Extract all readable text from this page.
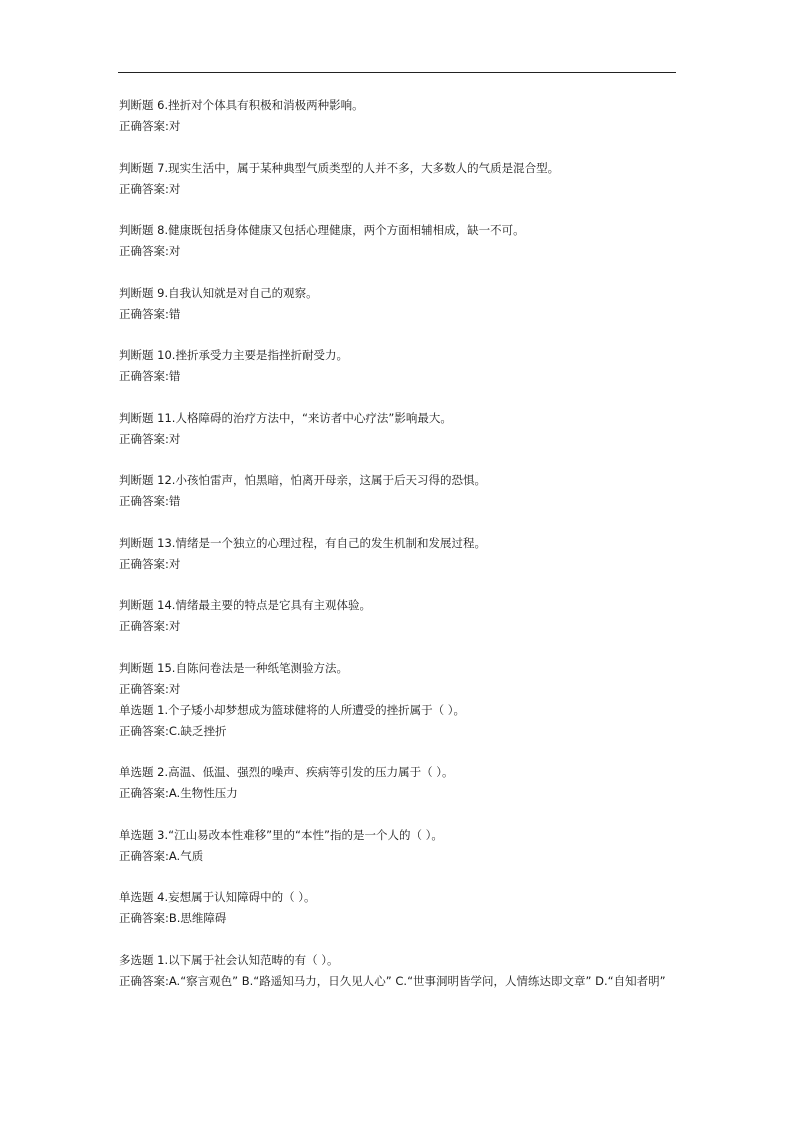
判断题 6.挫折对个体具有积极和消极两种影响。
正确答案:对
判断题 7.现实生活中，属于某种典型气质类型的人并不多，大多数人的气质是混合型。
正确答案:对
判断题 8.健康既包括身体健康又包括心理健康，两个方面相辅相成，缺一不可。
正确答案:对
判断题 9.自我认知就是对自己的观察。
正确答案:错
判断题 10.挫折承受力主要是指挫折耐受力。
正确答案:错
判断题 11.人格障碍的治疗方法中，“来访者中心疗法”影响最大。
正确答案:对
判断题 12.小孩怕雷声，怕黑暗，怕离开母亲，这属于后天习得的恐惧。
正确答案:错
判断题 13.情绪是一个独立的心理过程，有自己的发生机制和发展过程。
正确答案:对
判断题 14.情绪最主要的特点是它具有主观体验。
正确答案:对
判断题 15.自陈问卷法是一种纸笔测验方法。
正确答案:对
单选题 1.个子矮小却梦想成为篮球健将的人所遭受的挫折属于（ ）。
正确答案:C.缺乏挫折
单选题 2.高温、低温、强烈的噪声、疾病等引发的压力属于（ ）。
正确答案:A.生物性压力
单选题 3.“江山易改本性难移”里的“本性”指的是一个人的（ ）。
正确答案:A.气质
单选题 4.妄想属于认知障碍中的（ ）。
正确答案:B.思维障碍
多选题 1.以下属于社会认知范畴的有（ ）。
正确答案:A.“察言观色” B.“路遥知马力，日久见人心” C.“世事洞明皆学问，人情练达即文章” D.“自知者明”
